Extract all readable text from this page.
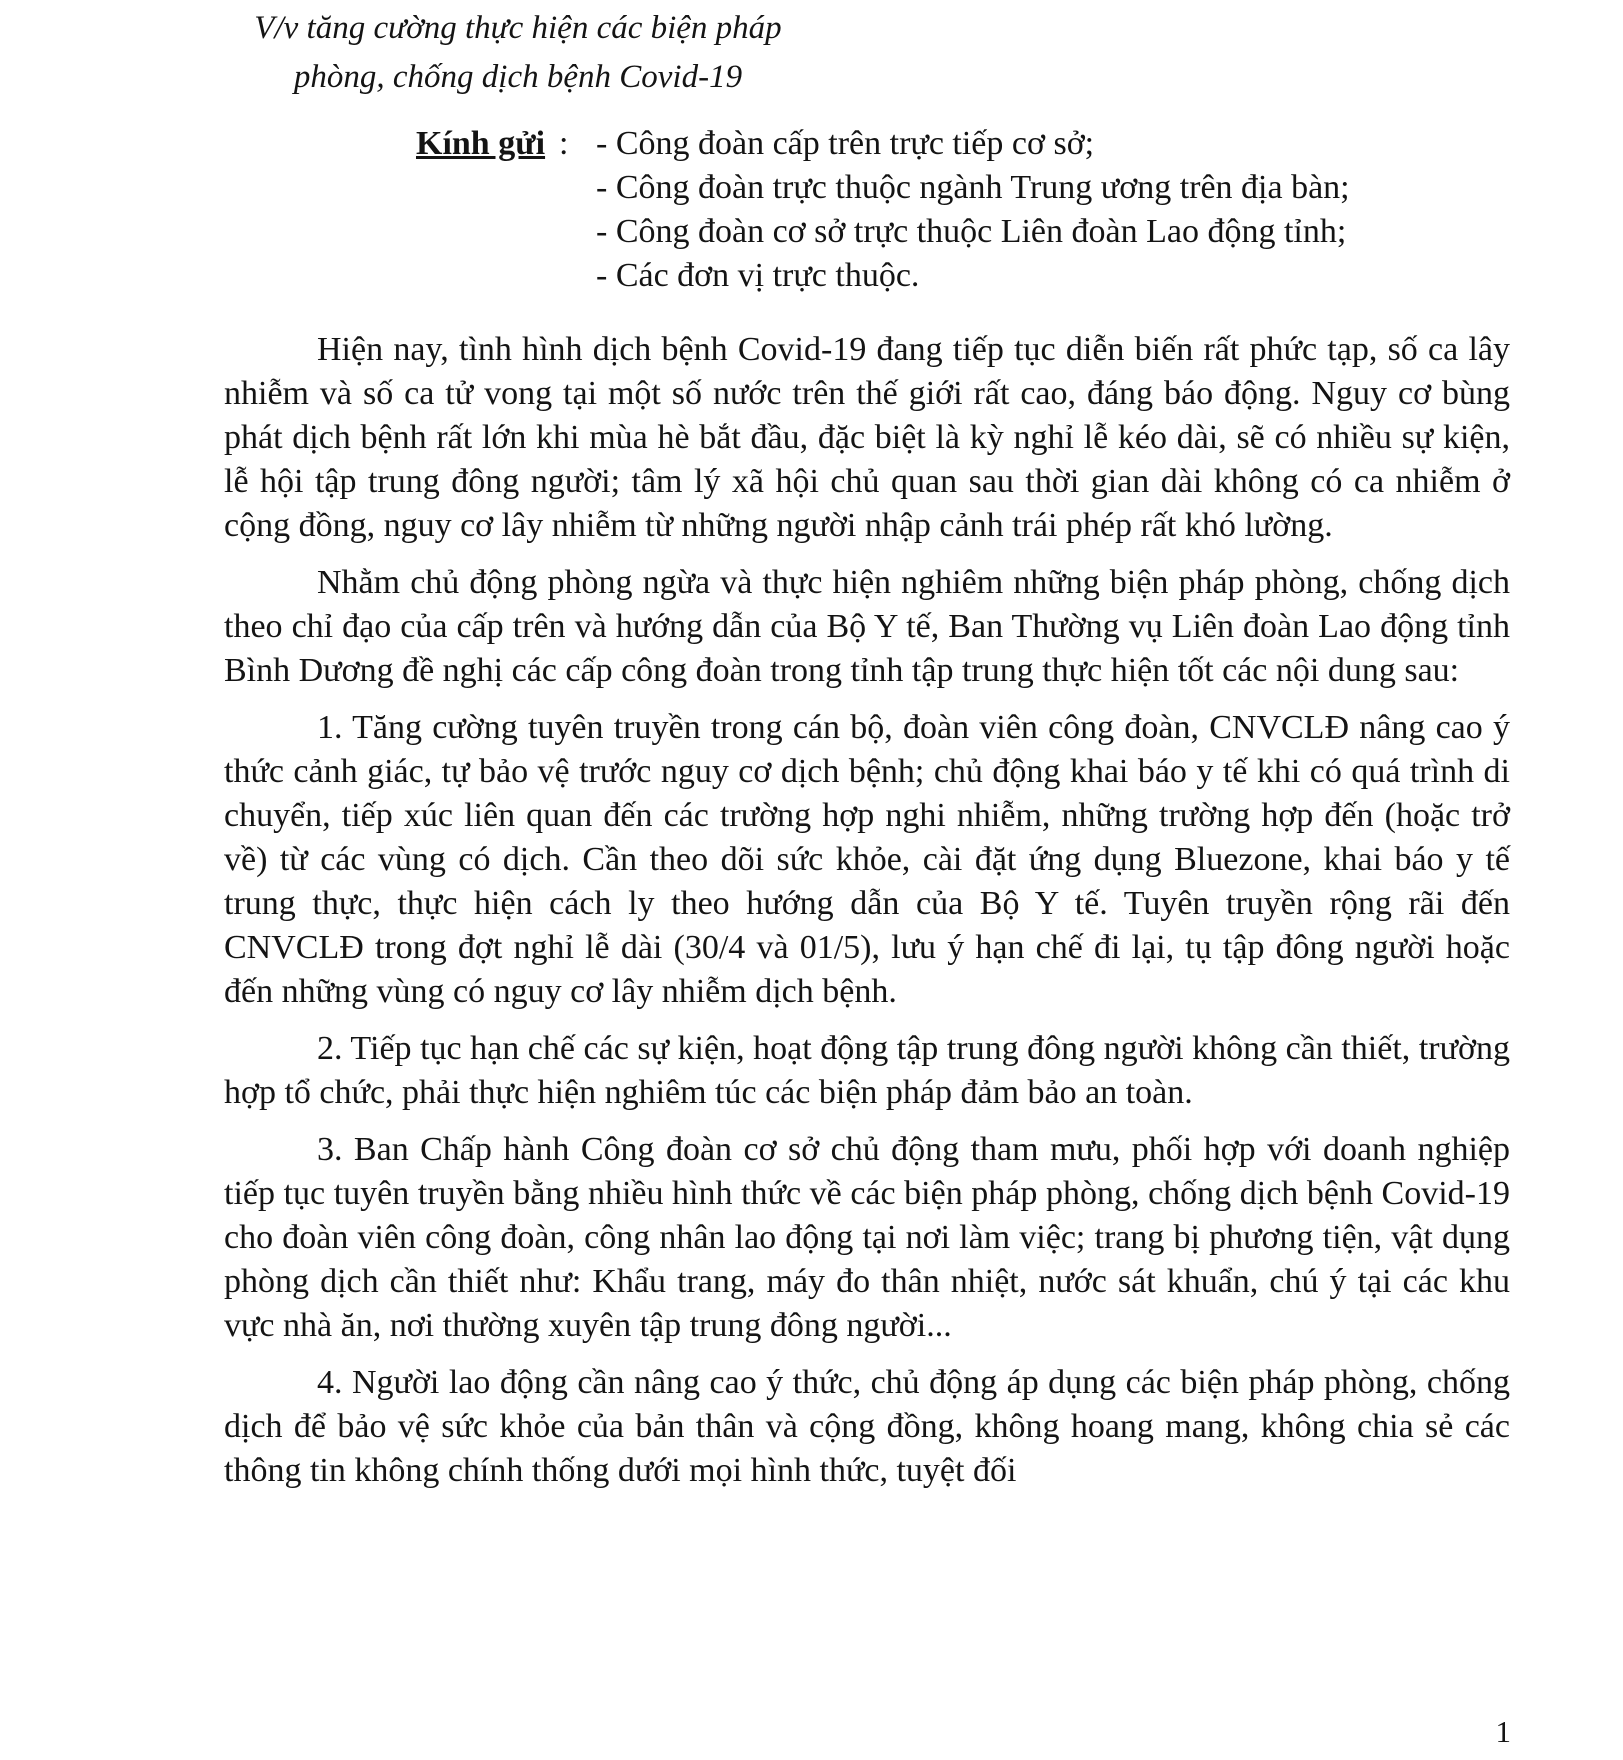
V/v tăng cường thực hiện các biện pháp
phòng, chống dịch bệnh Covid-19
Kính gửi : - Công đoàn cấp trên trực tiếp cơ sở;
- Công đoàn trực thuộc ngành Trung ương trên địa bàn;
- Công đoàn cơ sở trực thuộc Liên đoàn Lao động tỉnh;
- Các đơn vị trực thuộc.

Hiện nay, tình hình dịch bệnh Covid-19 đang tiếp tục diễn biến rất phức tạp, số ca lây nhiễm và số ca tử vong tại một số nước trên thế giới rất cao, đáng báo động. Nguy cơ bùng phát dịch bệnh rất lớn khi mùa hè bắt đầu, đặc biệt là kỳ nghỉ lễ kéo dài, sẽ có nhiều sự kiện, lễ hội tập trung đông người; tâm lý xã hội chủ quan sau thời gian dài không có ca nhiễm ở cộng đồng, nguy cơ lây nhiễm từ những người nhập cảnh trái phép rất khó lường.

Nhằm chủ động phòng ngừa và thực hiện nghiêm những biện pháp phòng, chống dịch theo chỉ đạo của cấp trên và hướng dẫn của Bộ Y tế, Ban Thường vụ Liên đoàn Lao động tỉnh Bình Dương đề nghị các cấp công đoàn trong tỉnh tập trung thực hiện tốt các nội dung sau:

1. Tăng cường tuyên truyền trong cán bộ, đoàn viên công đoàn, CNVCLĐ nâng cao ý thức cảnh giác, tự bảo vệ trước nguy cơ dịch bệnh; chủ động khai báo y tế khi có quá trình di chuyển, tiếp xúc liên quan đến các trường hợp nghi nhiễm, những trường hợp đến (hoặc trở về) từ các vùng có dịch. Cần theo dõi sức khỏe, cài đặt ứng dụng Bluezone, khai báo y tế trung thực, thực hiện cách ly theo hướng dẫn của Bộ Y tế. Tuyên truyền rộng rãi đến CNVCLĐ trong đợt nghỉ lễ dài (30/4 và 01/5), lưu ý hạn chế đi lại, tụ tập đông người hoặc đến những vùng có nguy cơ lây nhiễm dịch bệnh.

2. Tiếp tục hạn chế các sự kiện, hoạt động tập trung đông người không cần thiết, trường hợp tổ chức, phải thực hiện nghiêm túc các biện pháp đảm bảo an toàn.

3. Ban Chấp hành Công đoàn cơ sở chủ động tham mưu, phối hợp với doanh nghiệp tiếp tục tuyên truyền bằng nhiều hình thức về các biện pháp phòng, chống dịch bệnh Covid-19 cho đoàn viên công đoàn, công nhân lao động tại nơi làm việc; trang bị phương tiện, vật dụng phòng dịch cần thiết như: Khẩu trang, máy đo thân nhiệt, nước sát khuẩn, chú ý tại các khu vực nhà ăn, nơi thường xuyên tập trung đông người...

4. Người lao động cần nâng cao ý thức, chủ động áp dụng các biện pháp phòng, chống dịch để bảo vệ sức khỏe của bản thân và cộng đồng, không hoang mang, không chia sẻ các thông tin không chính thống dưới mọi hình thức, tuyệt đối

1
